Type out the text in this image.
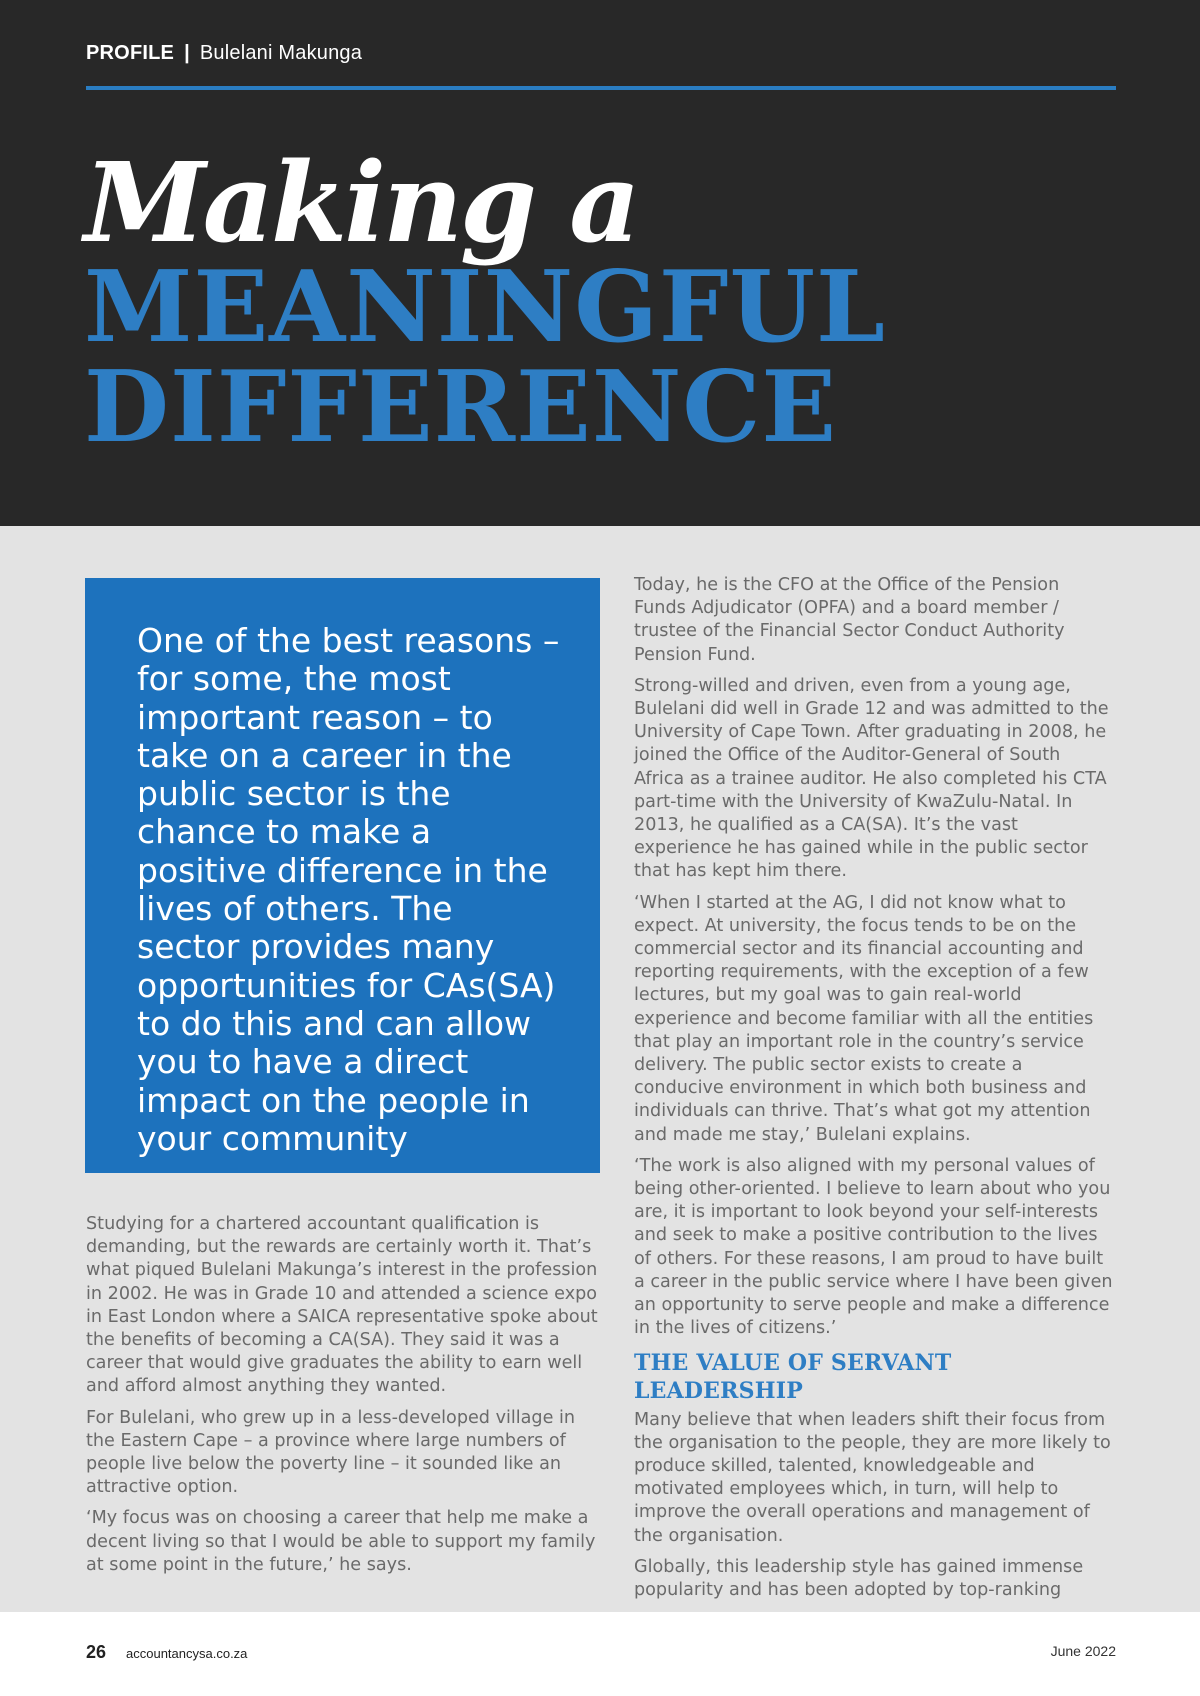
PROFILE | Bulelani Makunga
Making a
MEANINGFUL
DIFFERENCE

One of the best reasons – for some, the most important reason – to take on a career in the public sector is the chance to make a positive difference in the lives of others. The sector provides many opportunities for CAs(SA) to do this and can allow you to have a direct impact on the people in your community

Studying for a chartered accountant qualification is demanding, but the rewards are certainly worth it. That’s what piqued Bulelani Makunga’s interest in the profession in 2002. He was in Grade 10 and attended a science expo in East London where a SAICA representative spoke about the benefits of becoming a CA(SA). They said it was a career that would give graduates the ability to earn well and afford almost anything they wanted.

For Bulelani, who grew up in a less-developed village in the Eastern Cape – a province where large numbers of people live below the poverty line – it sounded like an attractive option.

‘My focus was on choosing a career that help me make a decent living so that I would be able to support my family at some point in the future,’ he says.

Today, he is the CFO at the Office of the Pension Funds Adjudicator (OPFA) and a board member / trustee of the Financial Sector Conduct Authority Pension Fund.

Strong-willed and driven, even from a young age, Bulelani did well in Grade 12 and was admitted to the University of Cape Town. After graduating in 2008, he joined the Office of the Auditor-General of South Africa as a trainee auditor. He also completed his CTA part-time with the University of KwaZulu-Natal. In 2013, he qualified as a CA(SA). It’s the vast experience he has gained while in the public sector that has kept him there.

‘When I started at the AG, I did not know what to expect. At university, the focus tends to be on the commercial sector and its financial accounting and reporting requirements, with the exception of a few lectures, but my goal was to gain real-world experience and become familiar with all the entities that play an important role in the country’s service delivery. The public sector exists to create a conducive environment in which both business and individuals can thrive. That’s what got my attention and made me stay,’ Bulelani explains.

‘The work is also aligned with my personal values of being other-oriented. I believe to learn about who you are, it is important to look beyond your self-interests and seek to make a positive contribution to the lives of others. For these reasons, I am proud to have built a career in the public service where I have been given an opportunity to serve people and make a difference in the lives of citizens.’

THE VALUE OF SERVANT LEADERSHIP

Many believe that when leaders shift their focus from the organisation to the people, they are more likely to produce skilled, talented, knowledgeable and motivated employees which, in turn, will help to improve the overall operations and management of the organisation.

Globally, this leadership style has gained immense popularity and has been adopted by top-ranking

26 accountancysa.co.za	June 2022
